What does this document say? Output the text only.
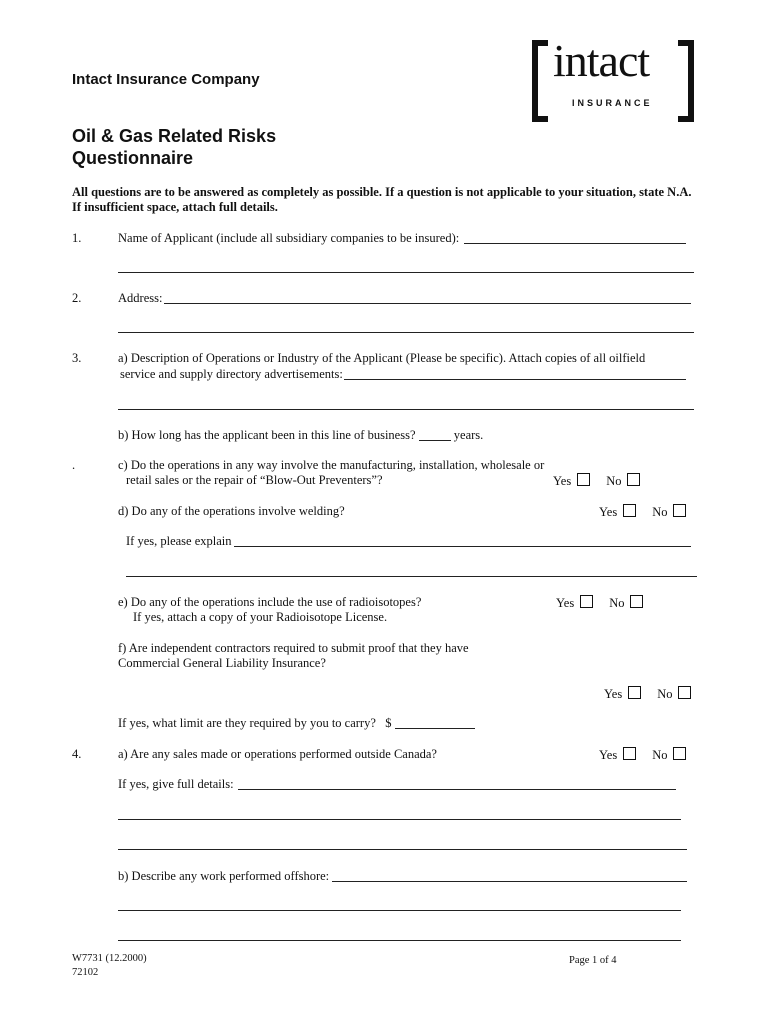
Intact Insurance Company	intact
INSURANCE
Oil & Gas Related Risks
Questionnaire
All questions are to be answered as completely as possible. If a question is not applicable to your situation, state N.A.
If insufficient space, attach full details.
1.	Name of Applicant (include all subsidiary companies to be insured):
2.	Address:
3.	a) Description of Operations or Industry of the Applicant (Please be specific). Attach copies of all oilfield
service and supply directory advertisements:
b) How long has the applicant been in this line of business?	years.
.	c) Do the operations in any way involve the manufacturing, installation, wholesale or
retail sales or the repair of “Blow-Out Preventers”?	Yes	No
d) Do any of the operations involve welding?	Yes	No
If yes, please explain
e) Do any of the operations include the use of radioisotopes?
If yes, attach a copy of your Radioisotope License.
Yes	No
f) Are independent contractors required to submit proof that they have
Commercial General Liability Insurance?
Yes	No
If yes, what limit are they required by you to carry? $
4.	a) Are any sales made or operations performed outside Canada?	Yes	No
If yes, give full details:
b) Describe any work performed offshore:
W7731 (12.2000)
72102
Page 1 of 4
